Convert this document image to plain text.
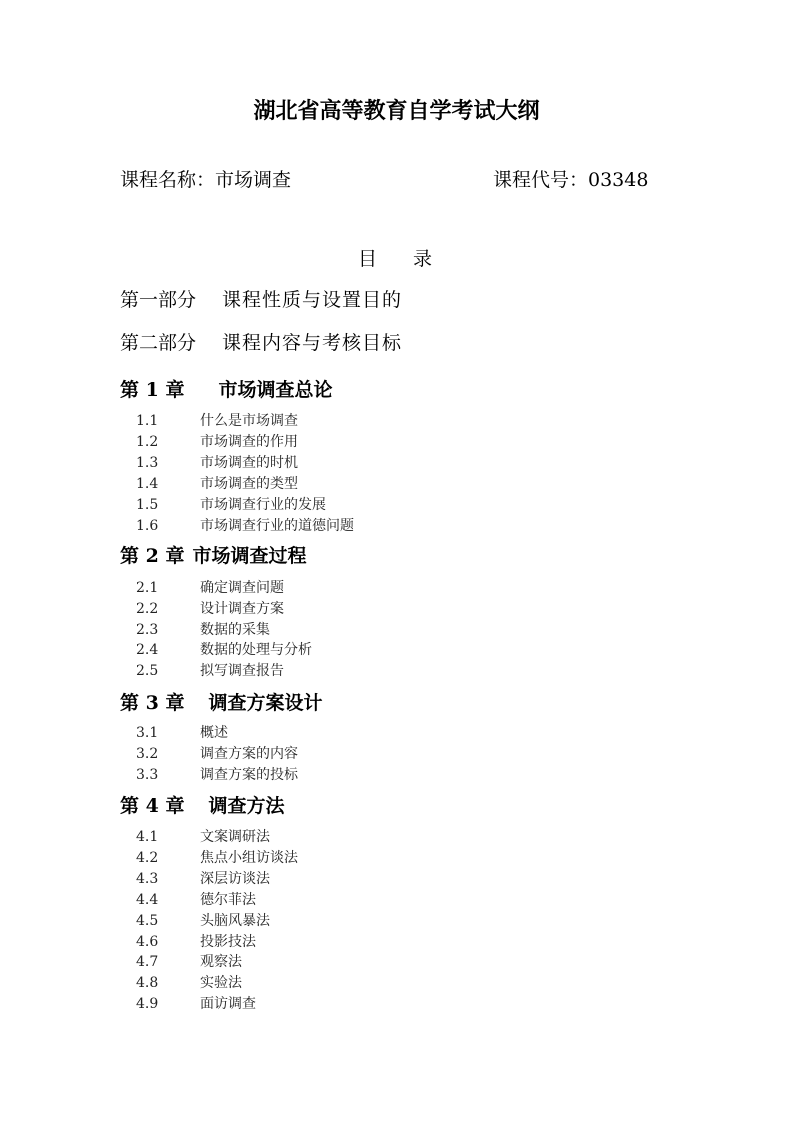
湖北省高等教育自学考试大纲
课程名称：市场调查	课程代号：03348
目 录
第一部分 课程性质与设置目的
第二部分 课程内容与考核目标
第 1 章 市场调查总论
1.1	什么是市场调查
1.2	市场调查的作用
1.3	市场调查的时机
1.4	市场调查的类型
1.5	市场调查行业的发展
1.6	市场调查行业的道德问题
第 2 章 市场调查过程
2.1	确定调查问题
2.2	设计调查方案
2.3	数据的采集
2.4	数据的处理与分析
2.5	拟写调查报告
第 3 章 调查方案设计
3.1	概述
3.2	调查方案的内容
3.3	调查方案的投标
第 4 章 调查方法
4.1	文案调研法
4.2	焦点小组访谈法
4.3	深层访谈法
4.4	德尔菲法
4.5	头脑风暴法
4.6	投影技法
4.7	观察法
4.8	实验法
4.9	面访调查
